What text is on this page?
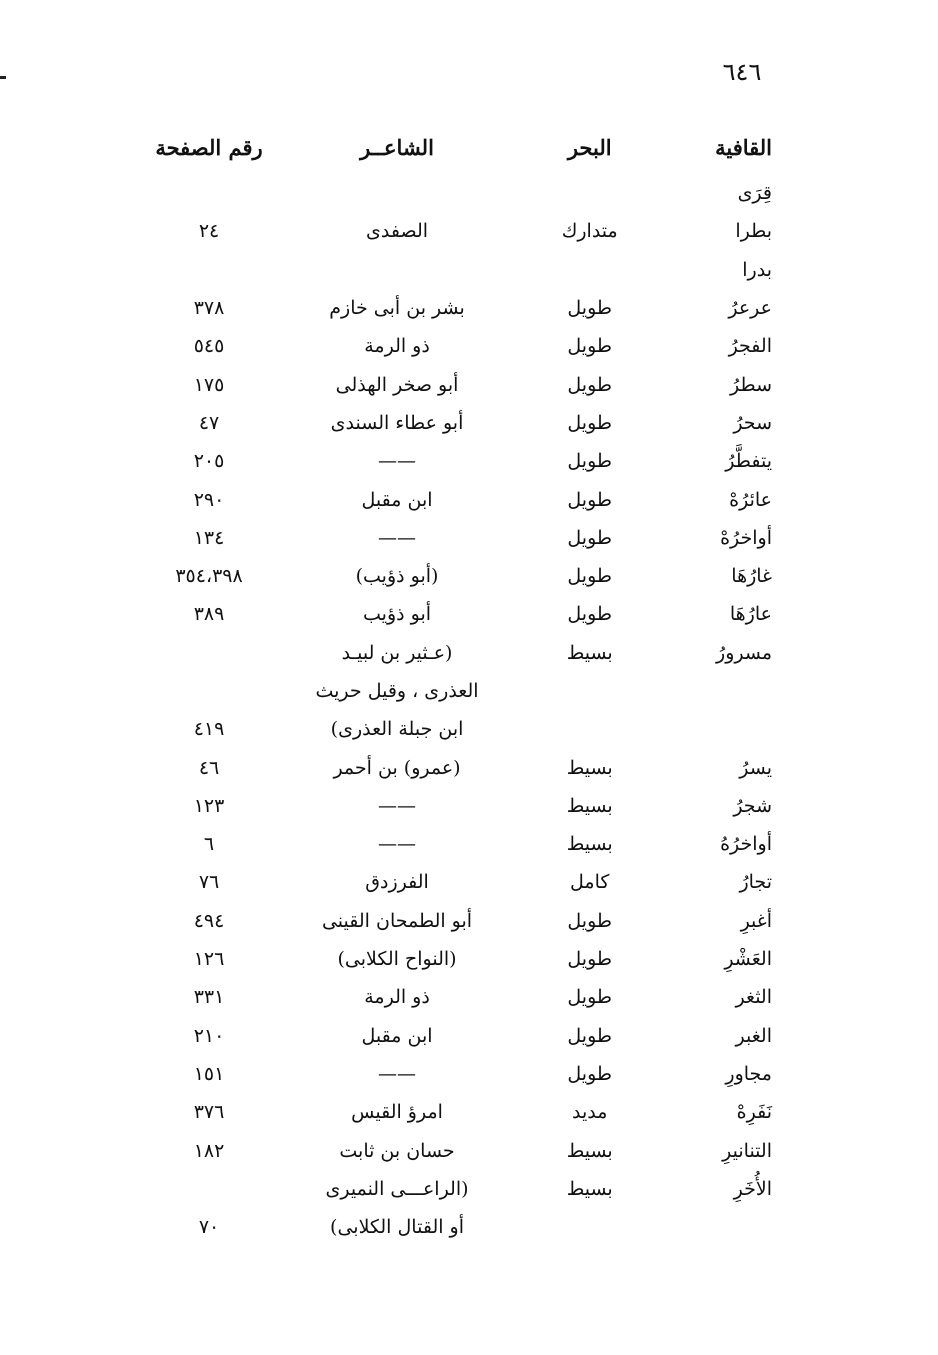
٦٤٦
القافية	البحر	الشاعــر	رقم الصفحة
قِرَى			
بطرا	متدارك	الصفدى	٢٤
بدرا			
عرعرُ	طويل	بشر بن أبى خازم	٣٧٨
الفجرُ	طويل	ذو الرمة	٥٤٥
سطرُ	طويل	أبو صخر الهذلى	١٧٥
سحرُ	طويل	أبو عطاء السندى	٤٧
يتفطَّرُ	طويل	——	٢٠٥
عائرُهْ	طويل	ابن مقبل	٢٩٠
أواخرُهْ	طويل	——	١٣٤
غارُهَا	طويل	(أبو ذؤيب)	٣٥٤،٣٩٨
عارُهَا	طويل	أبو ذؤيب	٣٨٩
مسرورُ	بسيط	(عـثير بن لبيـد	
		العذرى ، وقيل حريث	
		ابن جبلة العذرى)	٤١٩
يسرُ	بسيط	(عمرو) بن أحمر	٤٦
شجرُ	بسيط	——	١٢٣
أواخرُهُ	بسيط	——	٦
تجارُ	كامل	الفرزدق	٧٦
أغبرِ	طويل	أبو الطمحان القينى	٤٩٤
العَشْرِ	طويل	(النواح الكلابى)	١٢٦
الثغر	طويل	ذو الرمة	٣٣١
الغبر	طويل	ابن مقبل	٢١٠
مجاورِ	طويل	——	١٥١
نَفَرِهْ	مديد	امرؤ القيس	٣٧٦
التنانيرِ	بسيط	حسان بن ثابت	١٨٢
الأُخَرِ	بسيط	(الراعـــى النميرى	
		أو القتال الكلابى)	٧٠
